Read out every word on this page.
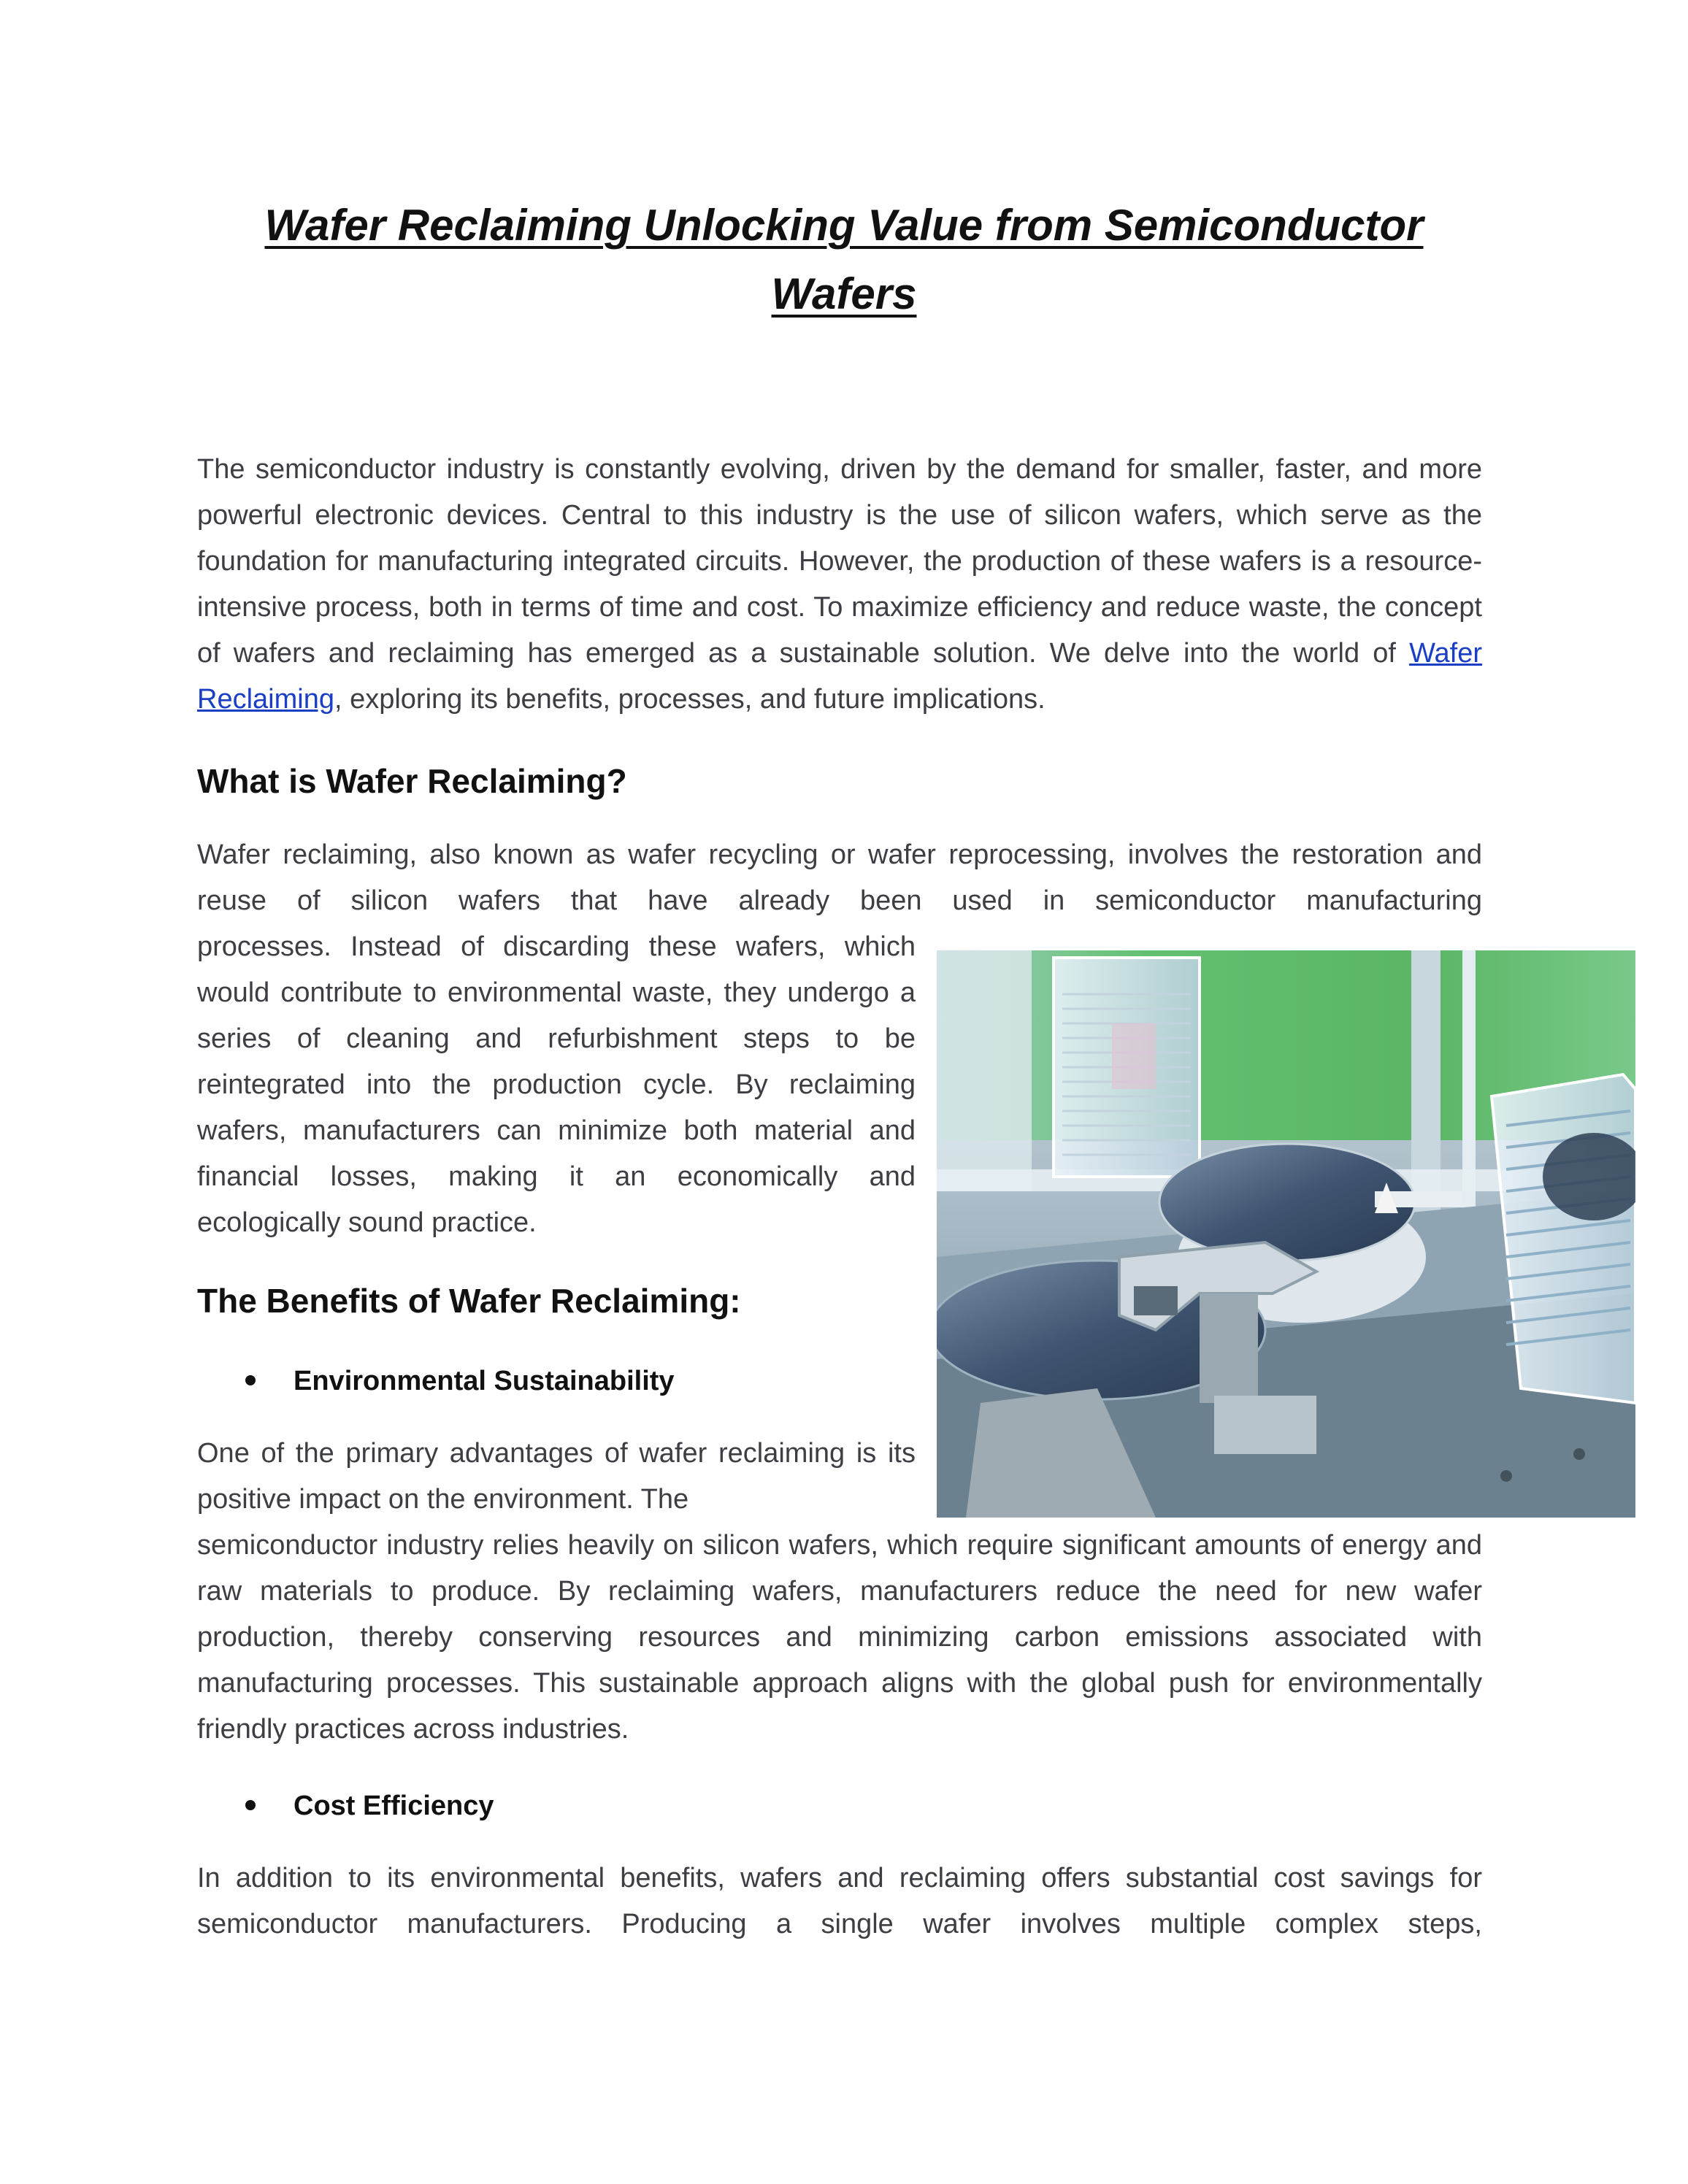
Wafer Reclaiming Unlocking Value from Semiconductor Wafers

The semiconductor industry is constantly evolving, driven by the demand for smaller, faster, and more powerful electronic devices. Central to this industry is the use of silicon wafers, which serve as the foundation for manufacturing integrated circuits. However, the production of these wafers is a resource-intensive process, both in terms of time and cost. To maximize efficiency and reduce waste, the concept of wafers and reclaiming has emerged as a sustainable solution. We delve into the world of Wafer Reclaiming, exploring its benefits, processes, and future implications.

What is Wafer Reclaiming?

Wafer reclaiming, also known as wafer recycling or wafer reprocessing, involves the restoration and reuse of silicon wafers that have already been used in semiconductor manufacturing

processes. Instead of discarding these wafers, which would contribute to environmental waste, they undergo a series of cleaning and refurbishment steps to be reintegrated into the production cycle. By reclaiming wafers, manufacturers can minimize both material and financial losses, making it an economically and ecologically sound practice.

The Benefits of Wafer Reclaiming:

Environmental Sustainability

One of the primary advantages of wafer reclaiming is its positive impact on the environment. The

semiconductor industry relies heavily on silicon wafers, which require significant amounts of energy and raw materials to produce. By reclaiming wafers, manufacturers reduce the need for new wafer production, thereby conserving resources and minimizing carbon emissions associated with manufacturing processes. This sustainable approach aligns with the global push for environmentally friendly practices across industries.

Cost Efficiency

In addition to its environmental benefits, wafers and reclaiming offers substantial cost savings for semiconductor manufacturers. Producing a single wafer involves multiple complex steps,
